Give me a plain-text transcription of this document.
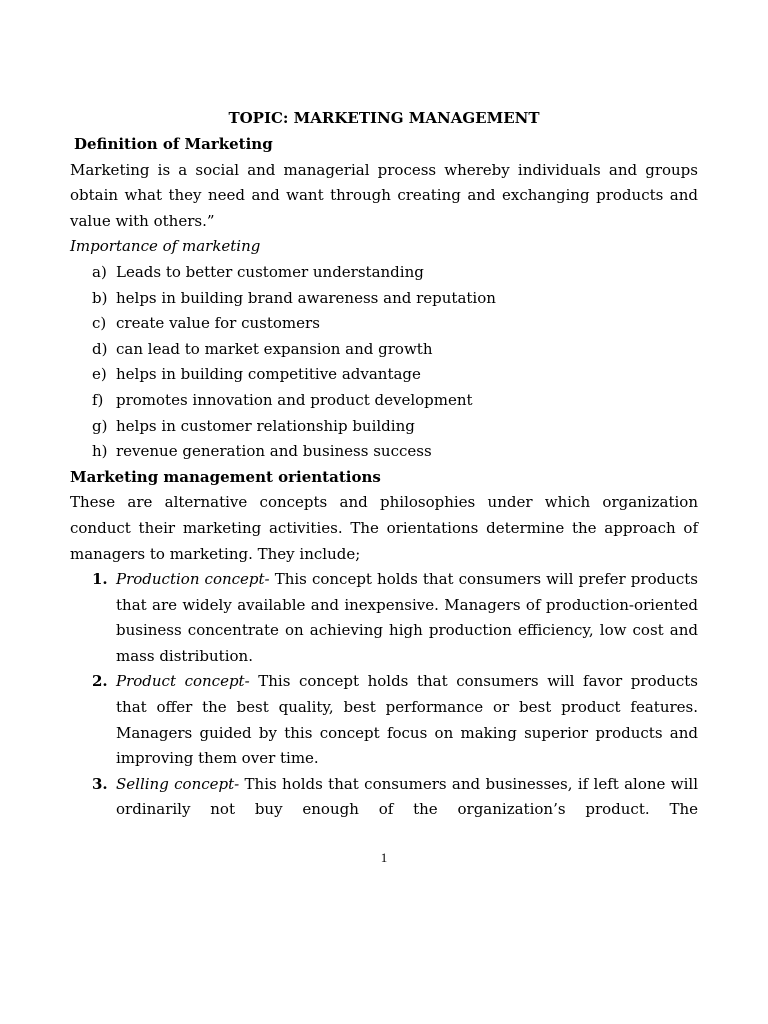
TOPIC: MARKETING MANAGEMENT
Definition of Marketing

Marketing is a social and managerial process whereby individuals and groups obtain what they need and want through creating and exchanging products and value with others.”

Importance of marketing
a) Leads to better customer understanding
b) helps in building brand awareness and reputation
c) create value for customers
d) can lead to market expansion and growth
e) helps in building competitive advantage
f) promotes innovation and product development
g) helps in customer relationship building
h) revenue generation and business success
Marketing management orientations

These are alternative concepts and philosophies under which organization conduct their marketing activities. The orientations determine the approach of managers to marketing. They include;

1. Production concept- This concept holds that consumers will prefer products that are widely available and inexpensive. Managers of production-oriented business concentrate on achieving high production efficiency, low cost and mass distribution.
2. Product concept- This concept holds that consumers will favor products that offer the best quality, best performance or best product features. Managers guided by this concept focus on making superior products and improving them over time.
3. Selling concept- This holds that consumers and businesses, if left alone will ordinarily not buy enough of the organization’s product. The
1
